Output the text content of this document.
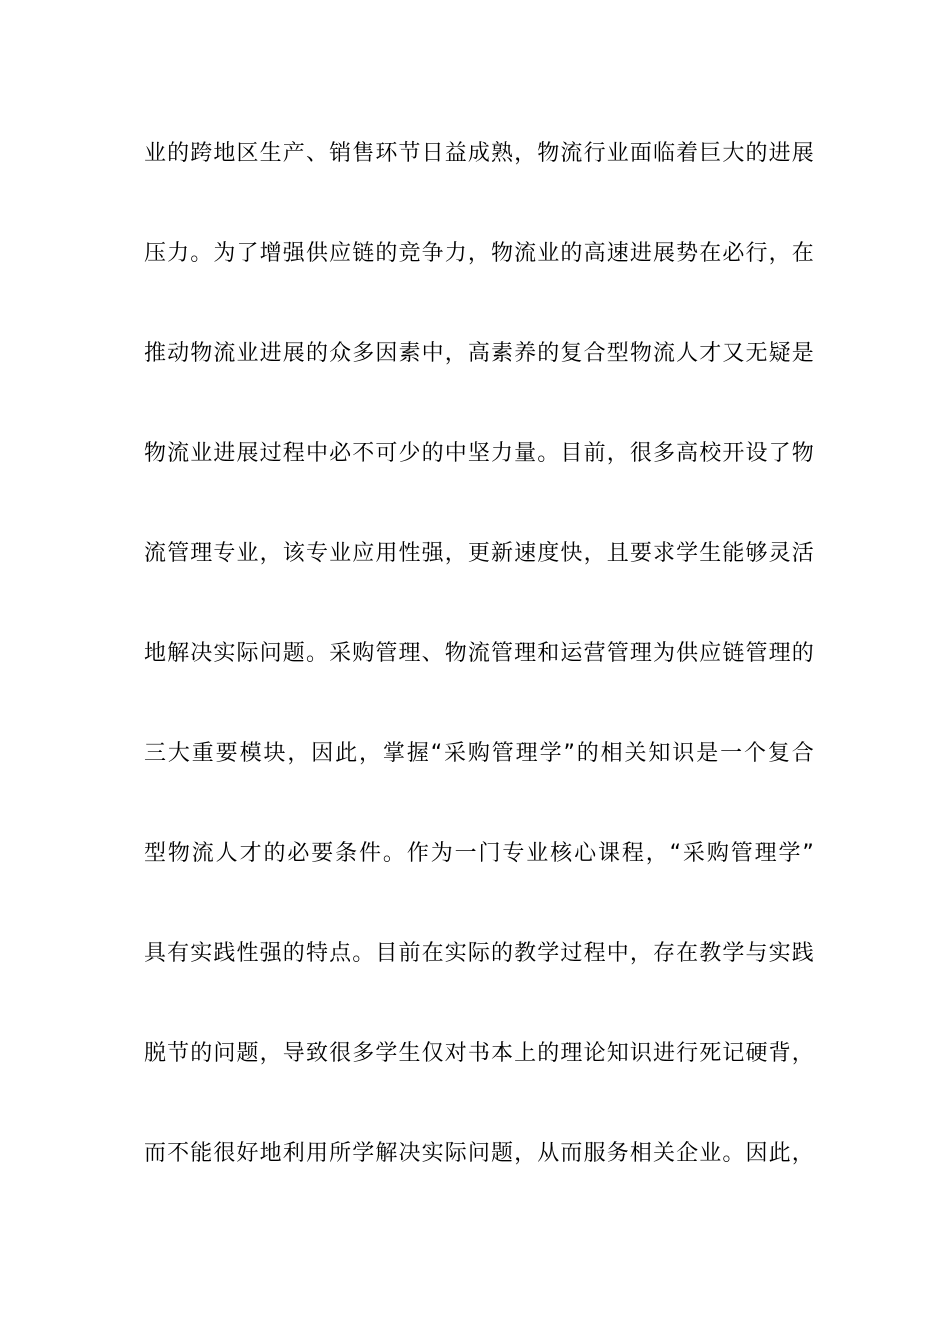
业的跨地区生产、销售环节日益成熟，物流行业面临着巨大的进展
压力。为了增强供应链的竞争力，物流业的高速进展势在必行，在
推动物流业进展的众多因素中，高素养的复合型物流人才又无疑是
物流业进展过程中必不可少的中坚力量。目前，很多高校开设了物
流管理专业，该专业应用性强，更新速度快，且要求学生能够灵活
地解决实际问题。采购管理、物流管理和运营管理为供应链管理的
三大重要模块，因此，掌握“采购管理学”的相关知识是一个复合
型物流人才的必要条件。作为一门专业核心课程，“采购管理学”
具有实践性强的特点。目前在实际的教学过程中，存在教学与实践
脱节的问题，导致很多学生仅对书本上的理论知识进行死记硬背，
而不能很好地利用所学解决实际问题，从而服务相关企业。因此，
